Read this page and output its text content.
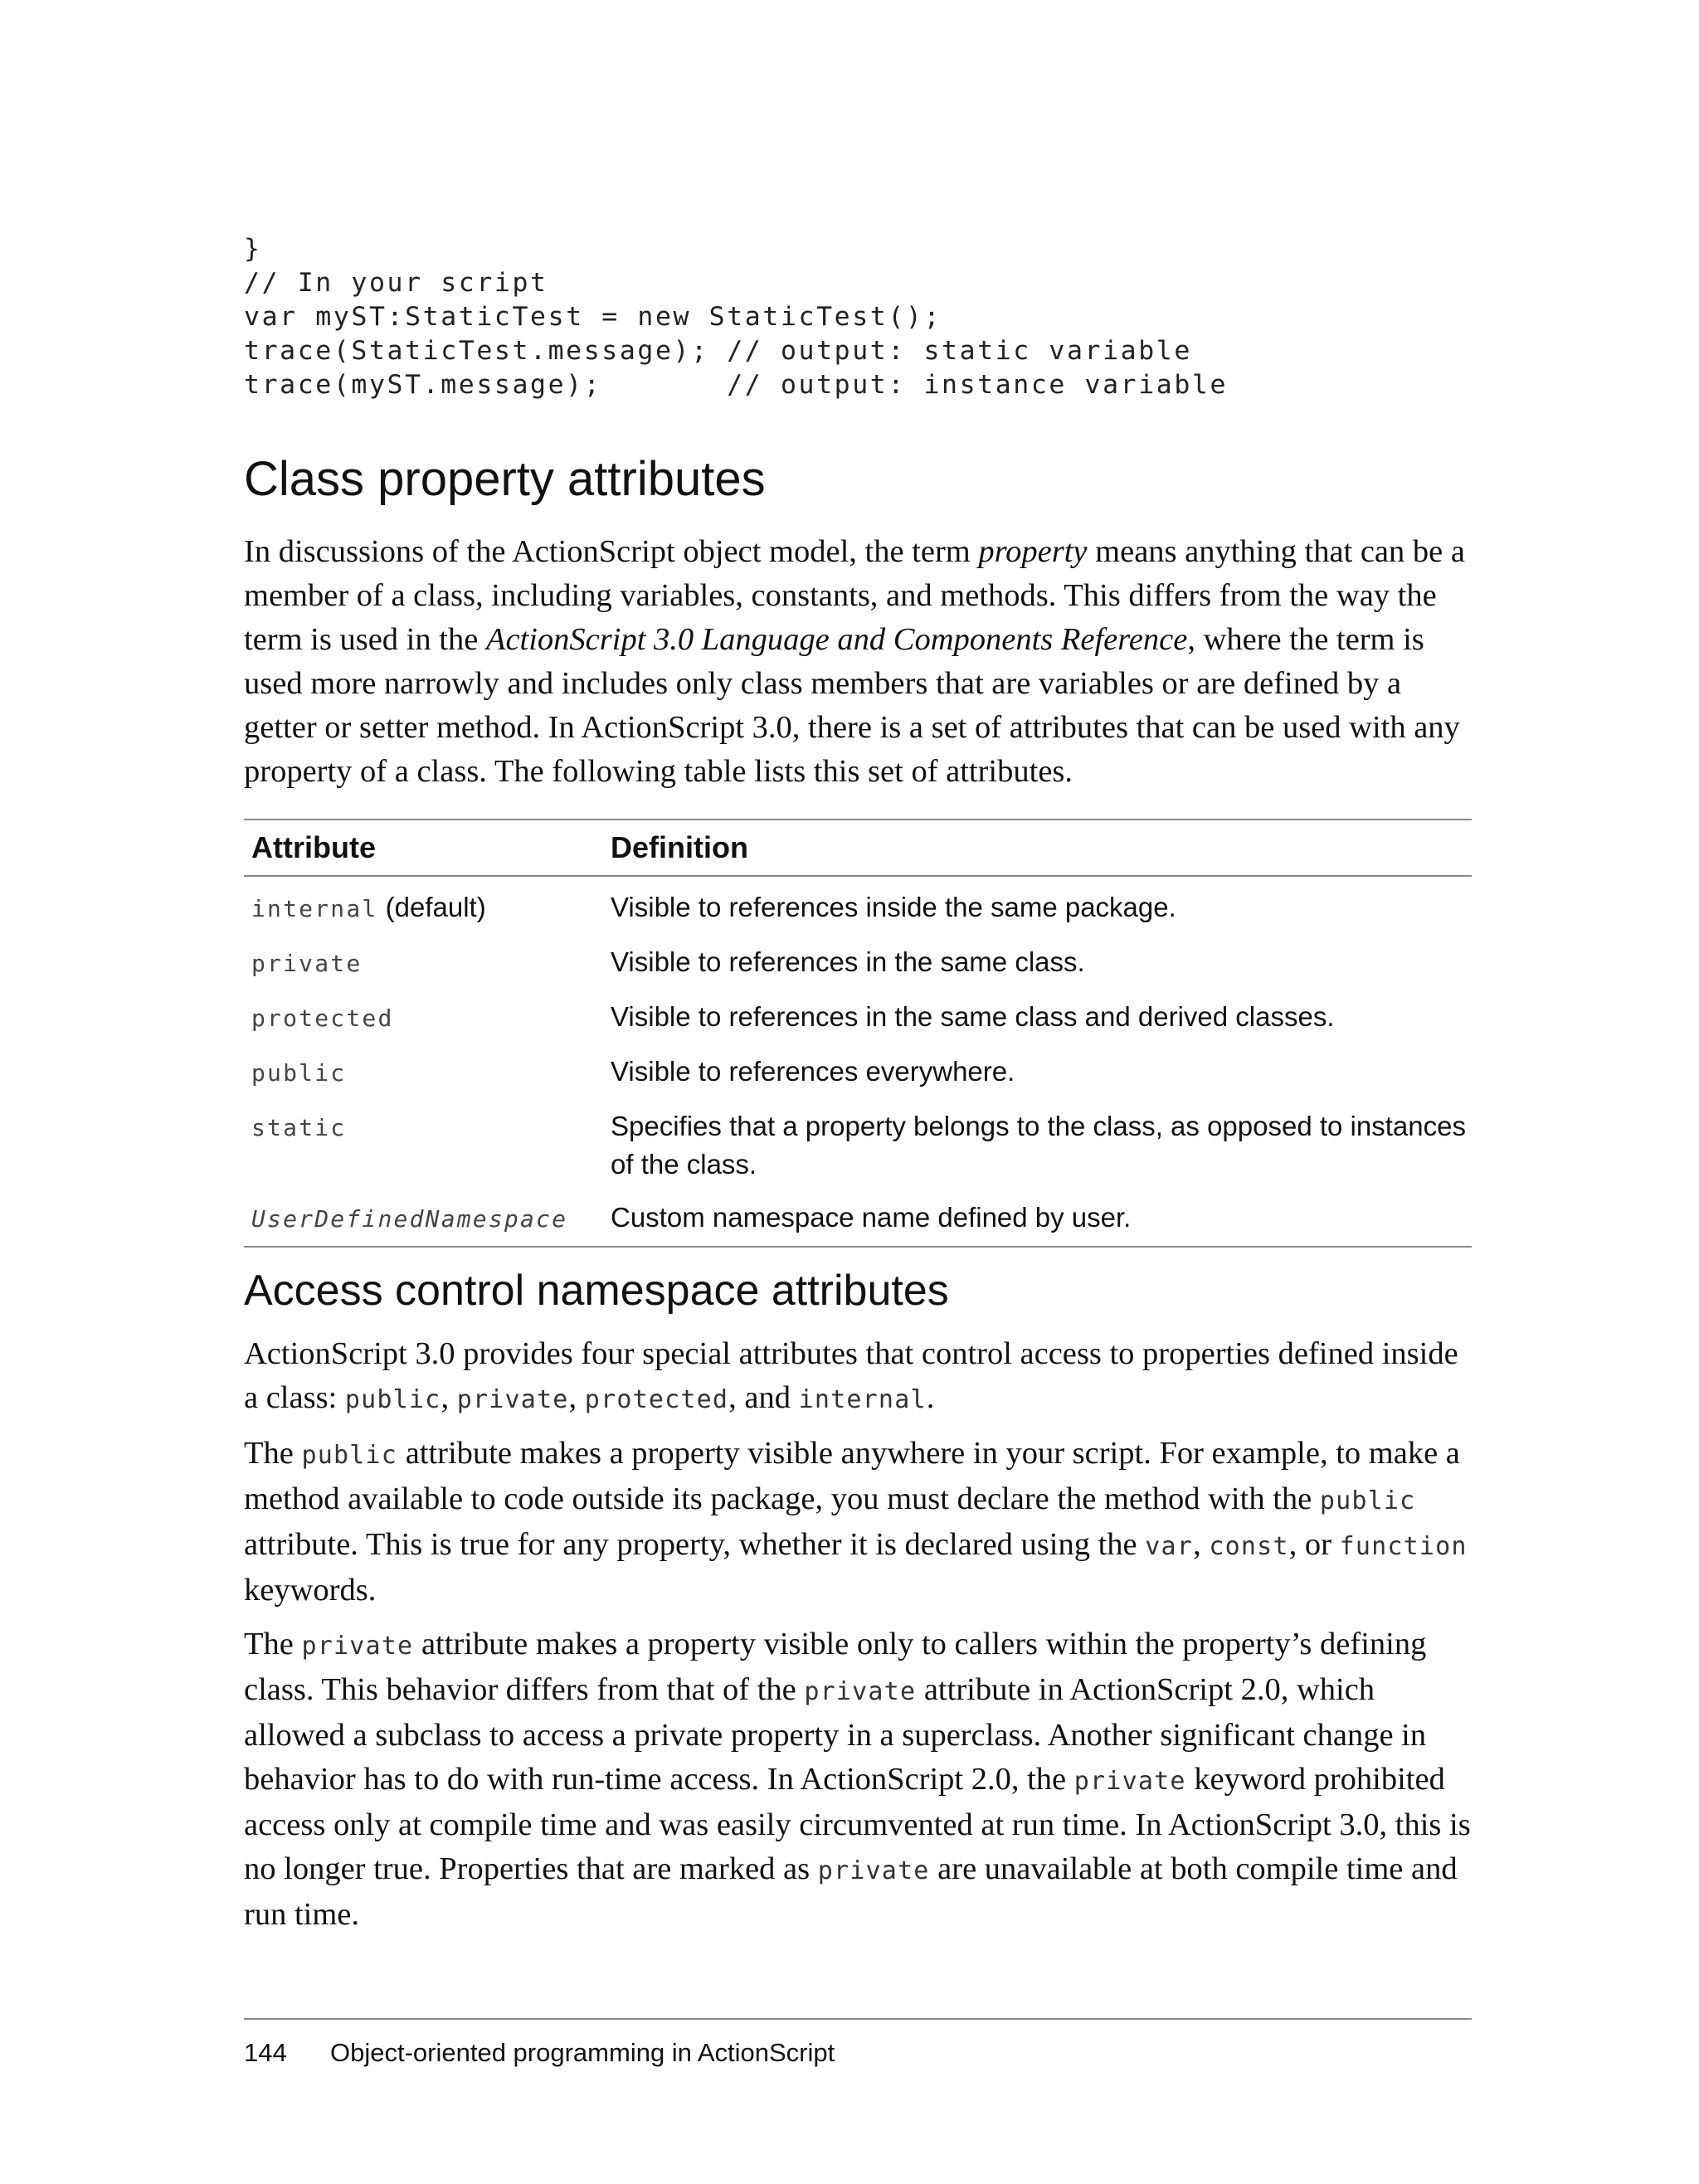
}
// In your script
var myST:StaticTest = new StaticTest();
trace(StaticTest.message); // output: static variable
trace(myST.message);       // output: instance variable
Class property attributes

In discussions of the ActionScript object model, the term property means anything that can be a member of a class, including variables, constants, and methods. This differs from the way the term is used in the ActionScript 3.0 Language and Components Reference, where the term is used more narrowly and includes only class members that are variables or are defined by a getter or setter method. In ActionScript 3.0, there is a set of attributes that can be used with any property of a class. The following table lists this set of attributes.

Attribute	Definition
internal (default)	Visible to references inside the same package.
private	Visible to references in the same class.
protected	Visible to references in the same class and derived classes.
public	Visible to references everywhere.
static	Specifies that a property belongs to the class, as opposed to instances of the class.
UserDefinedNamespace	Custom namespace name defined by user.
Access control namespace attributes

ActionScript 3.0 provides four special attributes that control access to properties defined inside a class: public, private, protected, and internal.

The public attribute makes a property visible anywhere in your script. For example, to make a method available to code outside its package, you must declare the method with the public attribute. This is true for any property, whether it is declared using the var, const, or function keywords.

The private attribute makes a property visible only to callers within the property’s defining class. This behavior differs from that of the private attribute in ActionScript 2.0, which allowed a subclass to access a private property in a superclass. Another significant change in behavior has to do with run-time access. In ActionScript 2.0, the private keyword prohibited access only at compile time and was easily circumvented at run time. In ActionScript 3.0, this is no longer true. Properties that are marked as private are unavailable at both compile time and run time.

144 Object-oriented programming in ActionScript
